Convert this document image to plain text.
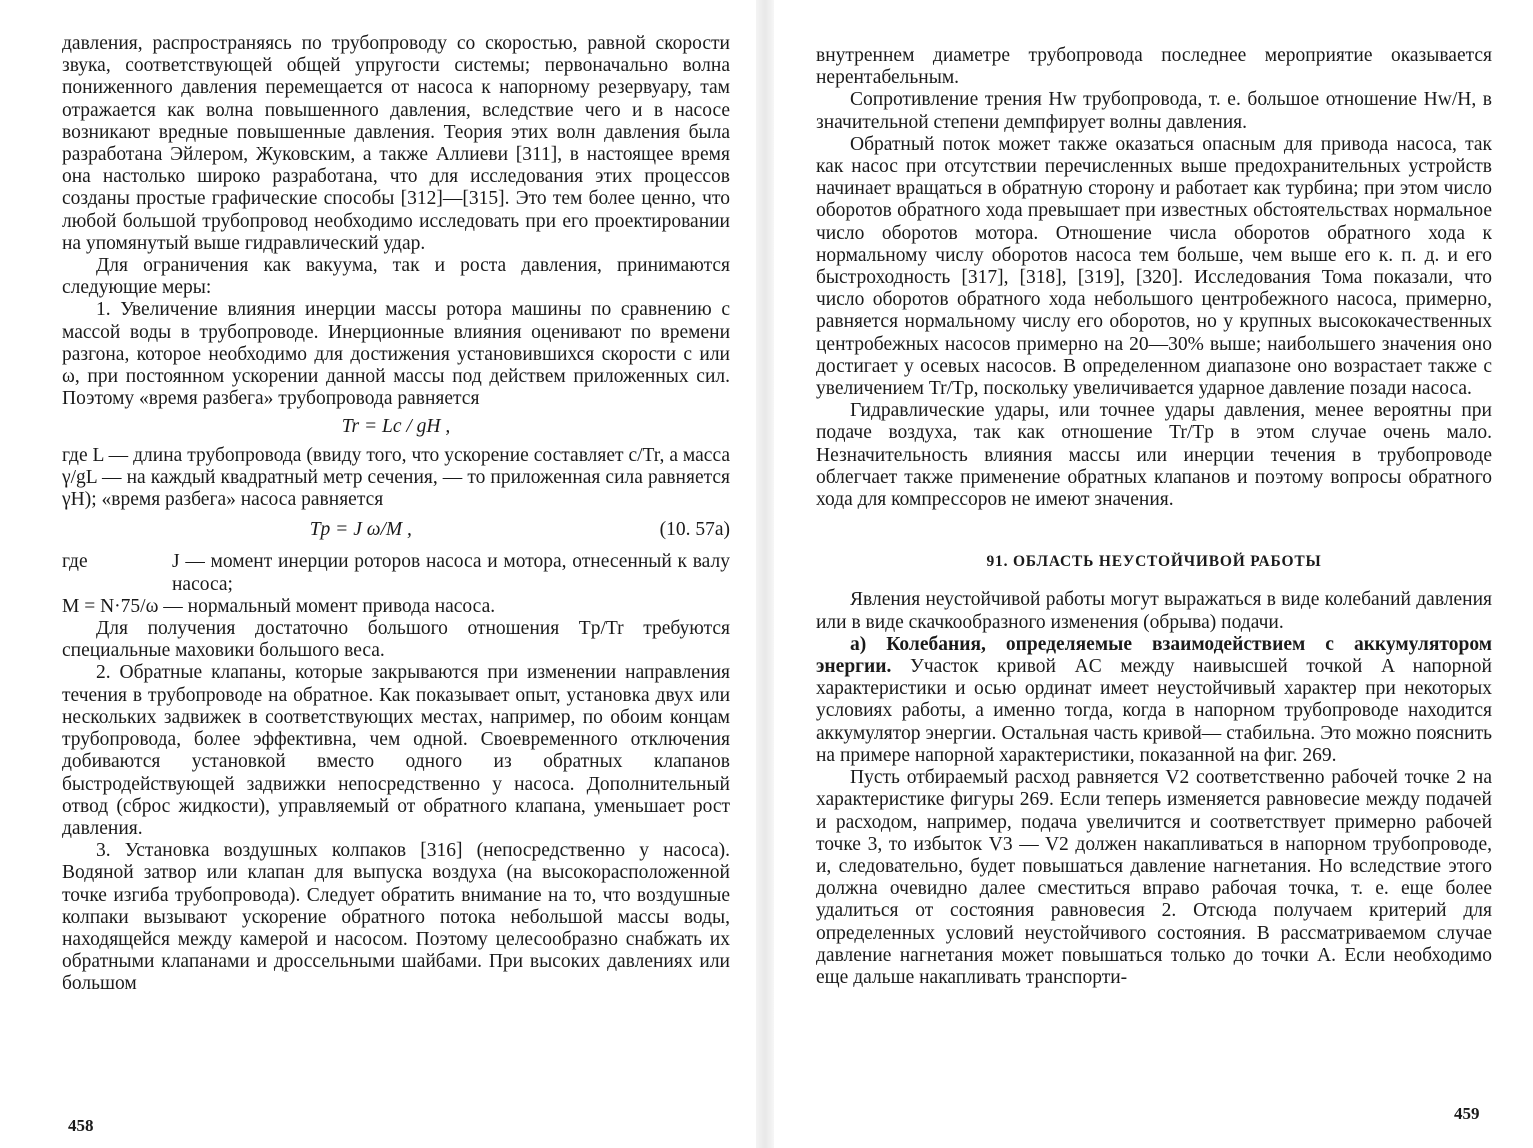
давления, распространяясь по трубопроводу со скоростью, равной скорости звука, соответствующей общей упругости системы; первоначально волна пониженного давления перемещается от насоса к напорному резервуару, там отражается как волна повышенного давления, вследствие чего и в насосе возникают вредные повышенные давления. Теория этих волн давления была разработана Эйлером, Жуковским, а также Аллиеви [311], в настоящее время она настолько широко разработана, что для исследования этих процессов созданы простые графические способы [312]—[315]. Это тем более ценно, что любой большой трубопровод необходимо исследовать при его проектировании на упомянутый выше гидравлический удар.

Для ограничения как вакуума, так и роста давления, принимаются следующие меры:

1. Увеличение влияния инерции массы ротора машины по сравнению с массой воды в трубопроводе. Инерционные влияния оценивают по времени разгона, которое необходимо для достижения установившихся скорости c или ω, при постоянном ускорении данной массы под действем приложенных сил. Поэтому «время разбега» трубопровода равняется

Tr = Lc / gH ,

где L — длина трубопровода (ввиду того, что ускорение составляет c/Tr, а масса γ/gL — на каждый квадратный метр сечения, — то приложенная сила равняется γH); «время разбега» насоса равняется

Tp = J ω/M ,	(10. 57a)
где	J — момент инерции роторов насоса и мотора, отнесенный к валу насоса;

M = N·75/ω — нормальный момент привода насоса.

Для получения достаточно большого отношения Tp/Tr требуются специальные маховики большого веса.

2. Обратные клапаны, которые закрываются при изменении направления течения в трубопроводе на обратное. Как показывает опыт, установка двух или нескольких задвижек в соответствующих местах, например, по обоим концам трубопровода, более эффективна, чем одной. Своевременного отключения добиваются установкой вместо одного из обратных клапанов быстродействующей задвижки непосредственно у насоса. Дополнительный отвод (сброс жидкости), управляемый от обратного клапана, уменьшает рост давления.

3. Установка воздушных колпаков [316] (непосредственно у насоса). Водяной затвор или клапан для выпуска воздуха (на высокорасположенной точке изгиба трубопровода). Следует обратить внимание на то, что воздушные колпаки вызывают ускорение обратного потока небольшой массы воды, находящейся между камерой и насосом. Поэтому целесообразно снабжать их обратными клапанами и дроссельными шайбами. При высоких давлениях или большом

458

внутреннем диаметре трубопровода последнее мероприятие оказывается нерентабельным.

Сопротивление трения Hw трубопровода, т. е. большое отношение Hw/H, в значительной степени демпфирует волны давления.

Обратный поток может также оказаться опасным для привода насоса, так как насос при отсутствии перечисленных выше предохранительных устройств начинает вращаться в обратную сторону и работает как турбина; при этом число оборотов обратного хода превышает при известных обстоятельствах нормальное число оборотов мотора. Отношение числа оборотов обратного хода к нормальному числу оборотов насоса тем больше, чем выше его к. п. д. и его быстроходность [317], [318], [319], [320]. Исследования Тома показали, что число оборотов обратного хода небольшого центробежного насоса, примерно, равняется нормальному числу его оборотов, но у крупных высококачественных центробежных насосов примерно на 20—30% выше; наибольшего значения оно достигает у осевых насосов. В определенном диапазоне оно возрастает также с увеличением Tr/Tp, поскольку увеличивается ударное давление позади насоса.

Гидравлические удары, или точнее удары давления, менее вероятны при подаче воздуха, так как отношение Tr/Tp в этом случае очень мало. Незначительность влияния массы или инерции течения в трубопроводе облегчает также применение обратных клапанов и поэтому вопросы обратного хода для компрессоров не имеют значения.

91. ОБЛАСТЬ НЕУСТОЙЧИВОЙ РАБОТЫ

Явления неустойчивой работы могут выражаться в виде колебаний давления или в виде скачкообразного изменения (обрыва) подачи.

а) Колебания, определяемые взаимодействием с аккумулятором энергии. Участок кривой AC между наивысшей точкой A напорной характеристики и осью ординат имеет неустойчивый характер при некоторых условиях работы, а именно тогда, когда в напорном трубопроводе находится аккумулятор энергии. Остальная часть кривой— стабильна. Это можно пояснить на примере напорной характеристики, показанной на фиг. 269.

Пусть отбираемый расход равняется V2 соответственно рабочей точке 2 на характеристике фигуры 269. Если теперь изменяется равновесие между подачей и расходом, например, подача увеличится и соответствует примерно рабочей точке 3, то избыток V3 — V2 должен накапливаться в напорном трубопроводе, и, следовательно, будет повышаться давление нагнетания. Но вследствие этого должна очевидно далее сместиться вправо рабочая точка, т. е. еще более удалиться от состояния равновесия 2. Отсюда получаем критерий для определенных условий неустойчивого состояния. В рассматриваемом случае давление нагнетания может повышаться только до точки A. Если необходимо еще дальше накапливать транспорти-

459
